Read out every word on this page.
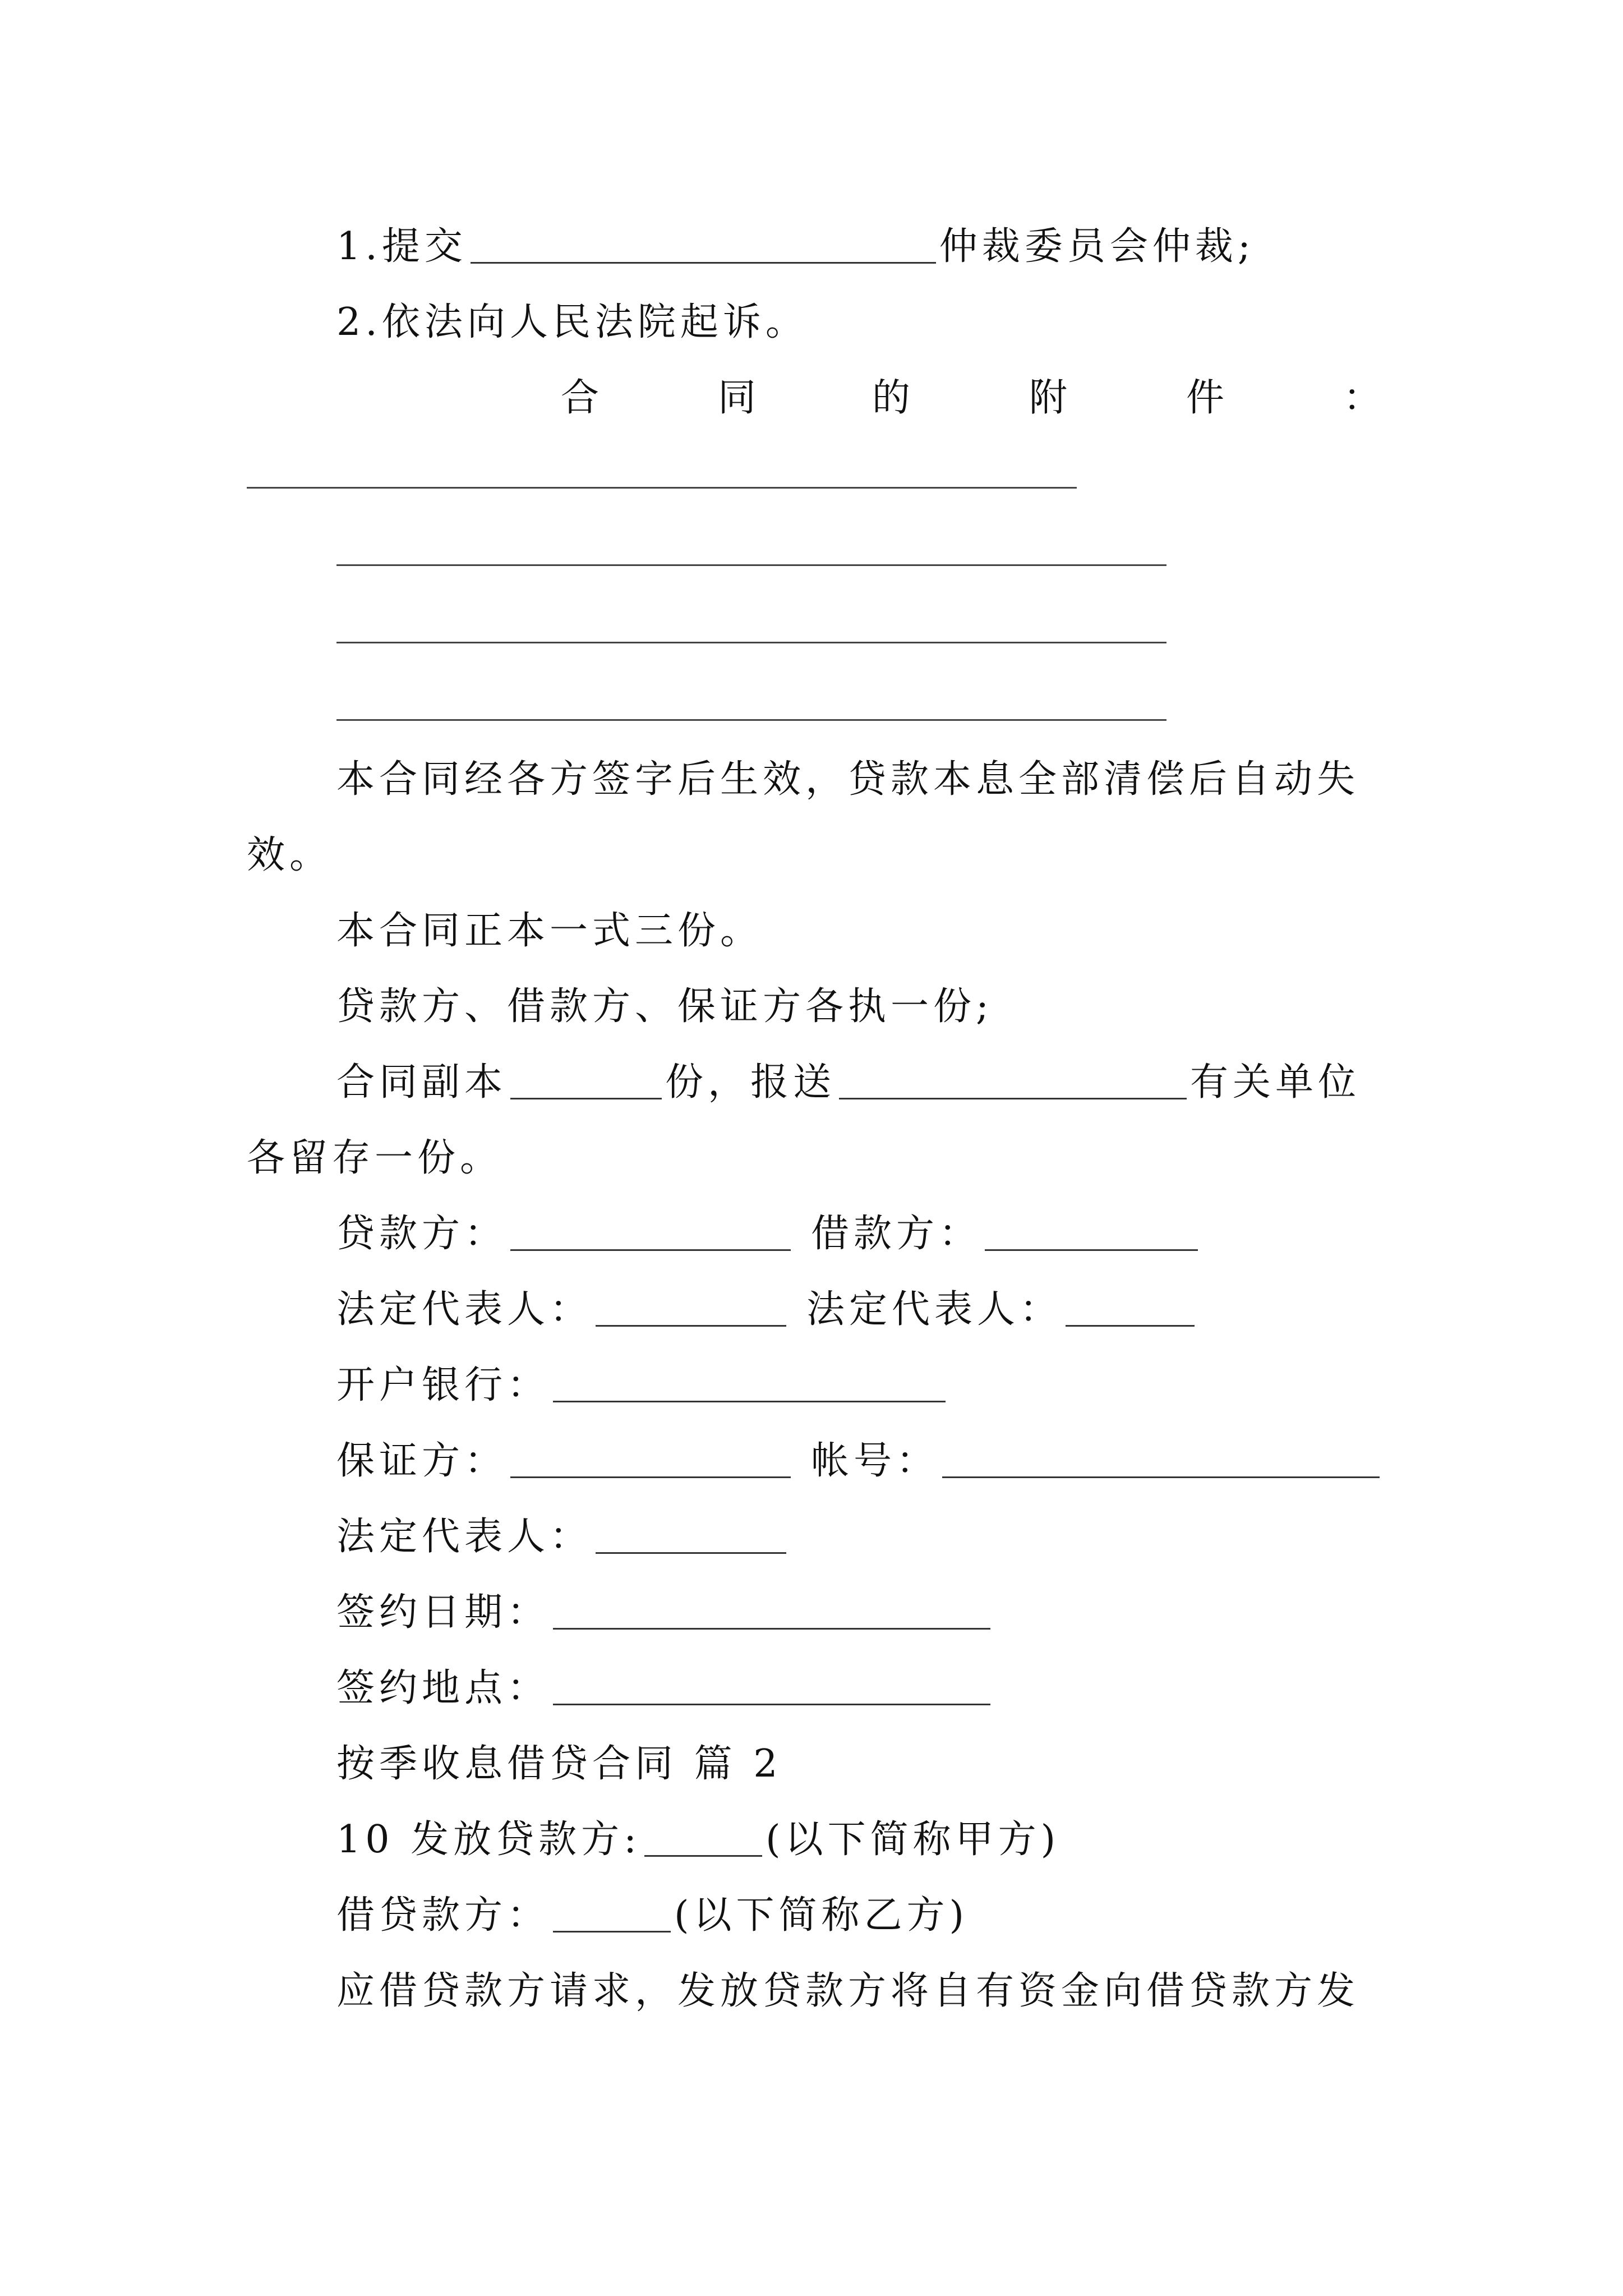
1.提交	仲裁委员会仲裁;
2.依法向人民法院起诉。
合	同	的	附	件	：
本合同经各方签字后生效，贷款本息全部清偿后自动失
效。
本合同正本一式三份。
贷款方、借款方、保证方各执一份;
合同副本	份，报送	有关单位
各留存一份。
贷款方：	借款方：
法定代表人：	法定代表人：
开户银行：
保证方：	帐号：
法定代表人：
签约日期：
签约地点：
按季收息借贷合同 篇 2
10 发放贷款方:	(以下简称甲方)
借贷款方：	(以下简称乙方)
应借贷款方请求，发放贷款方将自有资金向借贷款方发
